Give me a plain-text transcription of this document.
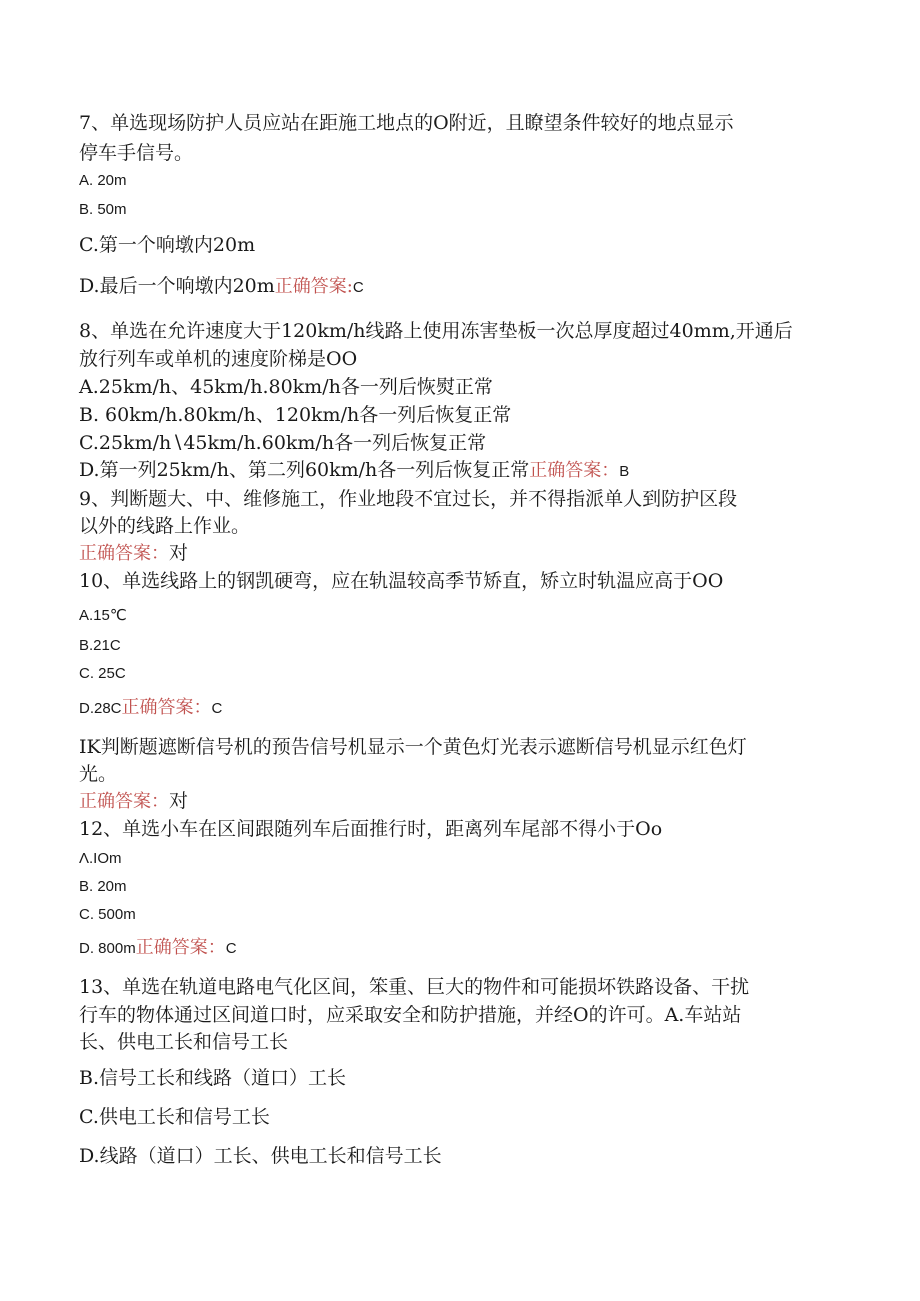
7、单选现场防护人员应站在距施工地点的O附近，且瞭望条件较好的地点显示
停车手信号。
A. 20m
B. 50m
C.第一个响墩内20m
D.最后一个响墩内20m正确答案:C
8、单选在允许速度大于120km∕h线路上使用冻害垫板一次总厚度超过40mm,开通后
放行列车或单机的速度阶梯是OO
A.25km/h、45km∕h.80km∕h各一列后恢熨正常
B. 60km∕h.80km/h、120km∕h各一列后恢复正常
C.25km∕h∖45km∕h.60km∕h各一列后恢复正常
D.第一列25km/h、第二列60km∕h各一列后恢复正常正确答案：B
9、判断题大、中、维修施工，作业地段不宜过长，并不得指派单人到防护区段
以外的线路上作业。
正确答案：对
10、单选线路上的钢凯硬弯，应在轨温较高季节矫直，矫立时轨温应高于OO
A.15℃
B.21C
C. 25C
D.28C正确答案：C
IK判断题遮断信号机的预告信号机显示一个黄色灯光表示遮断信号机显示红色灯
光。
正确答案：对
12、单选小车在区间跟随列车后面推行时，距离列车尾部不得小于Oo
Λ.IOm
B. 20m
C. 500m
D. 800m正确答案：C
13、单选在轨道电路电气化区间，笨重、巨大的物件和可能损坏铁路设备、干扰
行车的物体通过区间道口时，应采取安全和防护措施，并经O的许可。A.车站站
长、供电工长和信号工长
B.信号工长和线路（道口）工长
C.供电工长和信号工长
D.线路（道口）工长、供电工长和信号工长
